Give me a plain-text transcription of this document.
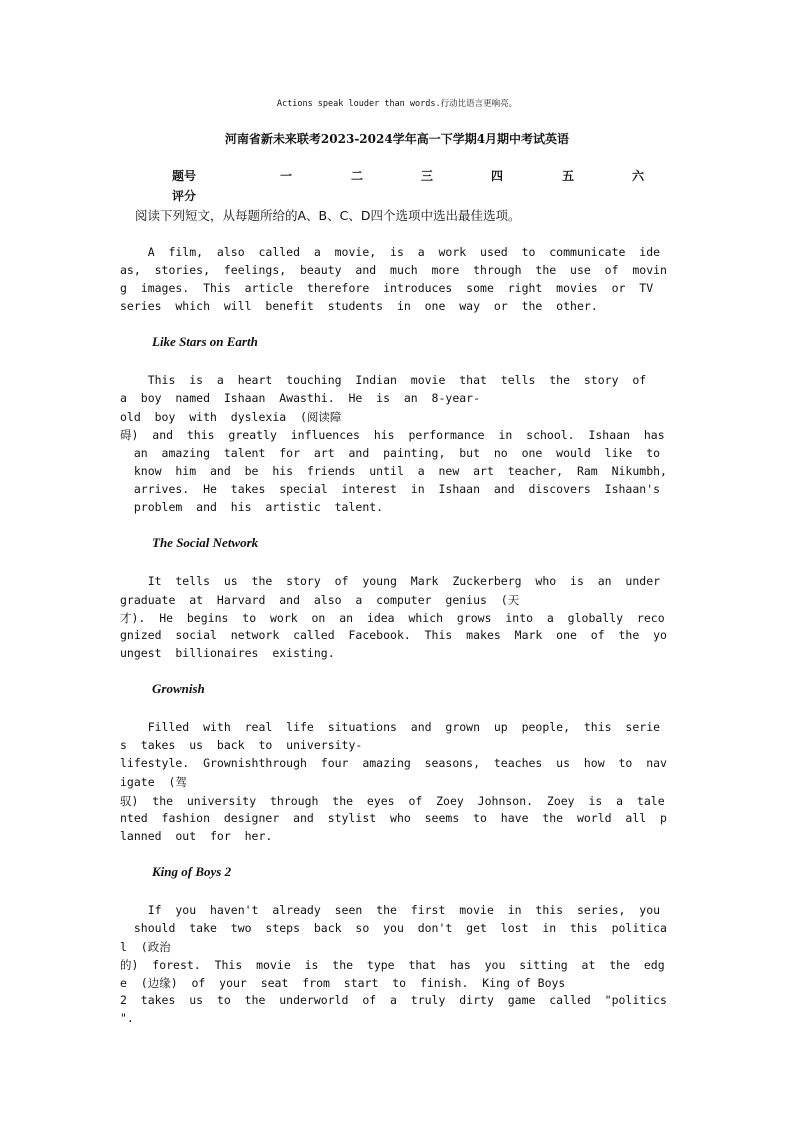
Actions speak louder than words.行动比语言更响亮。
河南省新未来联考2023-2024学年高一下学期4月期中考试英语
题号	一	二	三	四	五	六
评分
阅读下列短文，从每题所给的A、B、C、D四个选项中选出最佳选项。
A  film,  also  called  a  movie,  is  a  work  used  to  communicate  ide
as,  stories,  feelings,  beauty  and  much  more  through  the  use  of  movin
g  images.  This  article  therefore  introduces  some  right  movies  or  TV
series  which  will  benefit  students  in  one  way  or  the  other.
Like Stars on Earth
This  is  a  heart  touching  Indian  movie  that  tells  the  story  of
a  boy  named  Ishaan  Awasthi.  He  is  an  8-year-
old  boy  with  dyslexia  (阅读障
碍)  and  this  greatly  influences  his  performance  in  school.  Ishaan  has
an  amazing  talent  for  art  and  painting,  but  no  one  would  like  to
know  him  and  be  his  friends  until  a  new  art  teacher,  Ram  Nikumbh,
arrives.  He  takes  special  interest  in  Ishaan  and  discovers  Ishaan's
problem  and  his  artistic  talent.
The Social Network
It  tells  us  the  story  of  young  Mark  Zuckerberg  who  is  an  under
graduate  at  Harvard  and  also  a  computer  genius  (天
才).  He  begins  to  work  on  an  idea  which  grows  into  a  globally  reco
gnized  social  network  called  Facebook.  This  makes  Mark  one  of  the  yo
ungest  billionaires  existing.
Grownish
Filled  with  real  life  situations  and  grown  up  people,  this  serie
s  takes  us  back  to  university-
lifestyle.  Grownishthrough  four  amazing  seasons,  teaches  us  how  to  nav
igate  (驾
驭)  the  university  through  the  eyes  of  Zoey  Johnson.  Zoey  is  a  tale
nted  fashion  designer  and  stylist  who  seems  to  have  the  world  all  p
lanned  out  for  her.
King of Boys 2
If  you  haven't  already  seen  the  first  movie  in  this  series,  you
should  take  two  steps  back  so  you  don't  get  lost  in  this  politica
l  (政治
的)  forest.  This  movie  is  the  type  that  has  you  sitting  at  the  edg
e  (边缘)  of  your  seat  from  start  to  finish.  King of Boys
2  takes  us  to  the  underworld  of  a  truly  dirty  game  called  "politics
".
